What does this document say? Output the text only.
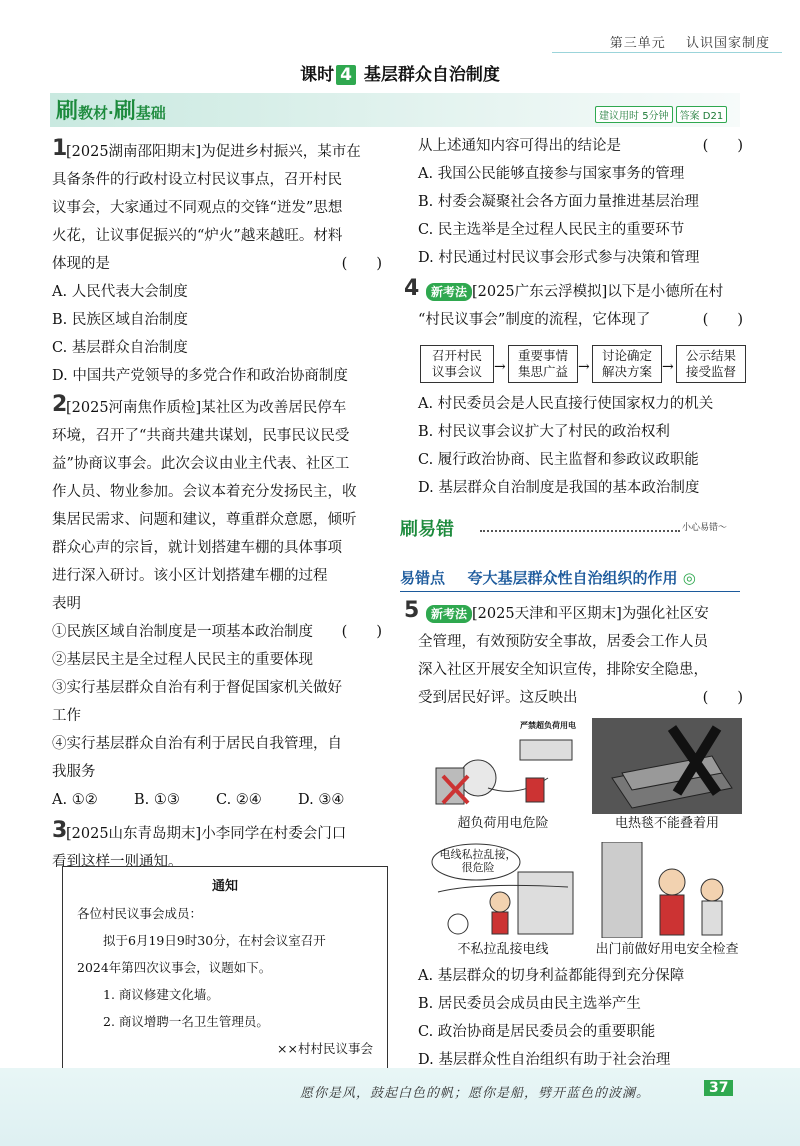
第三单元 认识国家制度
课时 4 基层群众自治制度
刷教材·刷基础	建议用时 5分钟 答案 D21
1
[2025湖南邵阳期末]为促进乡村振兴，某市在
具备条件的行政村设立村民议事点，召开村民
议事会，大家通过不同观点的交锋“迸发”思想
火花，让议事促振兴的“炉火”越来越旺。材料
体现的是	(　　)
A. 人民代表大会制度
B. 民族区域自治制度
C. 基层群众自治制度
D. 中国共产党领导的多党合作和政治协商制度
2
[2025河南焦作质检]某社区为改善居民停车
环境，召开了“共商共建共谋划，民事民议民受
益”协商议事会。此次会议由业主代表、社区工
作人员、物业参加。会议本着充分发扬民主，收
集居民需求、问题和建议，尊重群众意愿，倾听
群众心声的宗旨，就计划搭建车棚的具体事项
进行深入研讨。该小区计划搭建车棚的过程
表明
①民族区域自治制度是一项基本政治制度 (　　)
②基层民主是全过程人民民主的重要体现
③实行基层群众自治有利于督促国家机关做好
工作
④实行基层群众自治有利于居民自我管理，自
我服务
A. ①②	B. ①③	C. ②④	D. ③④
3
[2025山东青岛期末]小李同学在村委会门口
看到这样一则通知。
通知
各位村民议事会成员：
拟于6月19日9时30分，在村会议室召开
2024年第四次议事会，议题如下。
1. 商议修建文化墙。
2. 商议增聘一名卫生管理员。
××村村民议事会
从上述通知内容可得出的结论是	(　　)
A. 我国公民能够直接参与国家事务的管理
B. 村委会凝聚社会各方面力量推进基层治理
C. 民主选举是全过程人民民主的重要环节
D. 村民通过村民议事会形式参与决策和管理
4 新考法 [2025广东云浮模拟]以下是小德所在村
“村民议事会”制度的流程，它体现了	(　　)
召开村民
议事会议 →
重要事情
集思广益 →
讨论确定
解决方案 →
公示结果
接受监督
A. 村民委员会是人民直接行使国家权力的机关
B. 村民议事会议扩大了村民的政治权利
C. 履行政治协商、民主监督和参政议政职能
D. 基层群众自治制度是我国的基本政治制度
刷易错	小心易错～
易错点 夸大基层群众性自治组织的作用 ◎
5 新考法 [2025天津和平区期末]为强化社区安
全管理，有效预防安全事故，居委会工作人员
深入社区开展安全知识宣传，排除安全隐患，
受到居民好评。这反映出	(　　)
严禁超负荷用电
超负荷用电危险	电热毯不能叠着用
电线私拉乱接，很危险
不私拉乱接电线	出门前做好用电安全检查
A. 基层群众的切身利益都能得到充分保障
B. 居民委员会成员由民主选举产生
C. 政治协商是居民委员会的重要职能
D. 基层群众性自治组织有助于社会治理
愿你是风，鼓起白色的帆；愿你是船，劈开蓝色的波澜。	37
